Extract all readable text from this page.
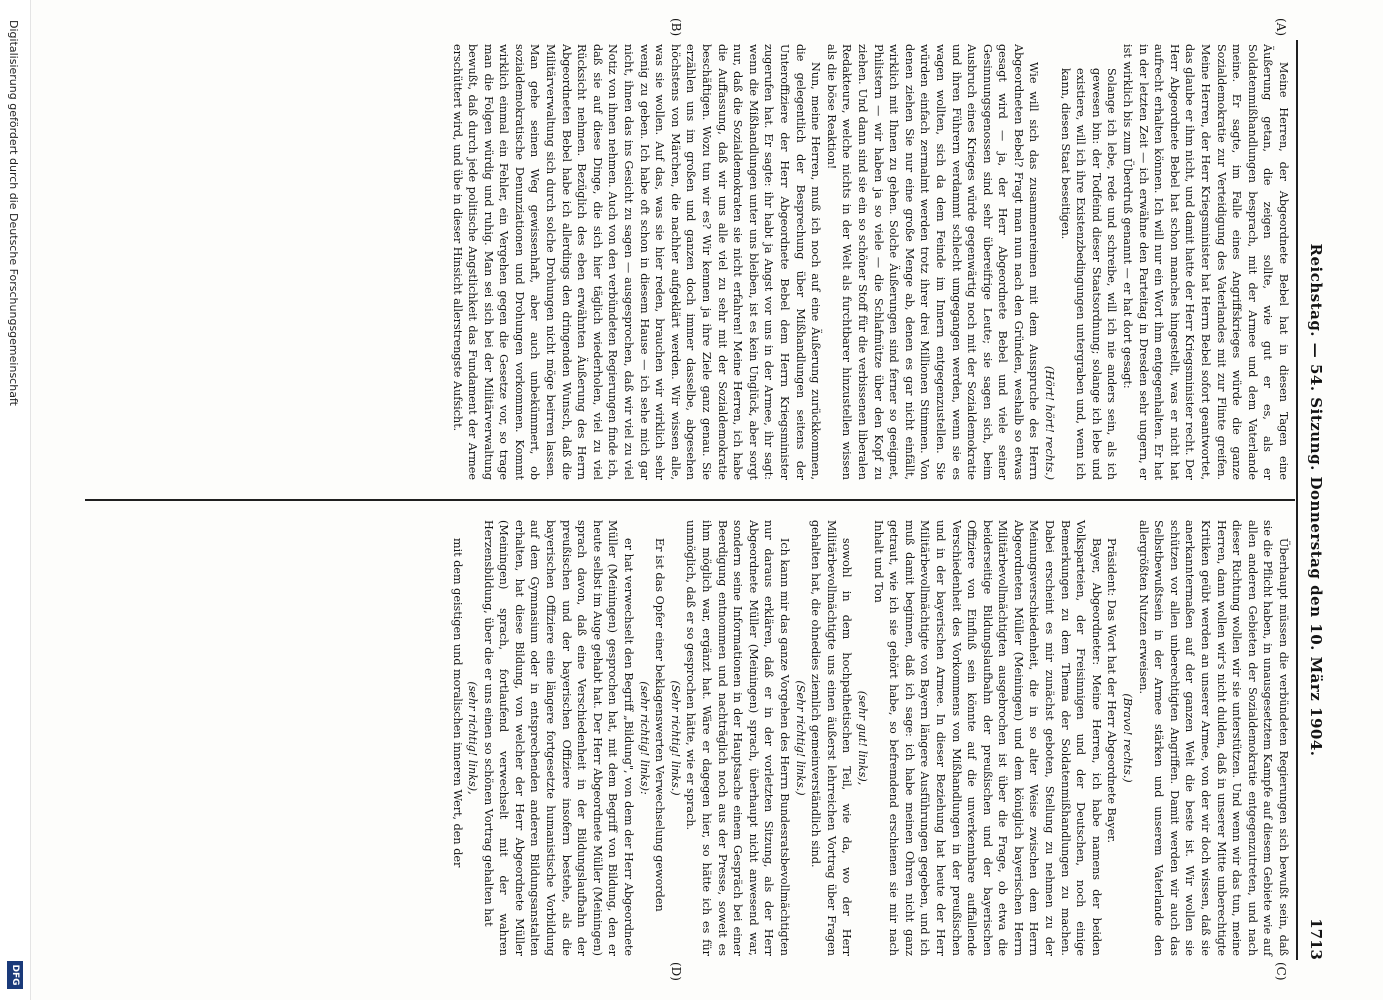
Reichstag. — 54. Sitzung. Donnerstag den 10. März 1904.
1713
(A)
(B)
(C)
(D)

Meine Herren, der Abgeordnete Bebel hat in diesen Tagen eine Äußerung getan, die zeigen sollte, wie gut er es, als er Soldatenmißhandlungen besprach, mit der Armee und dem Vaterlande meine. Er sagte, im Falle eines Angriffskrieges würde die ganze Sozialdemokratie zur Verteidigung des Vaterlandes mit zur Flinte greifen. Meine Herren, der Herr Kriegsminister hat Herrn Bebel sofort geantwortet, das glaube er ihm nicht, und damit hatte der Herr Kriegsminister recht. Der Herr Abgeordnete Bebel hat schon manches hingestellt, was er nicht hat aufrecht erhalten können. Ich will nur ein Wort ihm entgegenhalten. Er hat in der letzten Zeit — ich erwähne den Parteitag in Dresden sehr ungern, er ist wirklich bis zum Überdruß genannt — er hat dort gesagt:

Solange ich lebe, rede und schreibe, will ich nie anders sein, als ich gewesen bin: der Todfeind dieser Staatsordnung; solange ich lebe und existiere, will ich ihre Existenzbedingungen untergraben und, wenn ich kann, diesen Staat beseitigen.

(Hört! hört! rechts.)

Wie will sich das zusammenreimen mit dem Ausspruche des Herrn Abgeordneten Bebel? Fragt man nun nach den Gründen, weshalb so etwas gesagt wird — ja, der Herr Abgeordnete Bebel und viele seiner Gesinnungsgenossen sind sehr übereifrige Leute; sie sagen sich, beim Ausbruch eines Krieges würde gegenwärtig noch mit der Sozialdemokratie und ihren Führern verdammt schlecht umgegangen werden, wenn sie es wagen wollten, sich da dem Feinde im Innern entgegenzustellen. Sie würden einfach zermalmt werden trotz ihrer drei Millionen Stimmen. Von denen ziehen Sie nur eine große Menge ab, denen es gar nicht einfällt, wirklich mit Ihnen zu gehen. Solche Äußerungen sind ferner so geeignet, Philistern — wir haben ja so viele — die Schlafmütze über den Kopf zu ziehen. Und dann sind sie ein so schöner Stoff für die verbissenen liberalen Redakteure, welche nichts in der Welt als furchtbarer hinzustellen wissen als die böse Reaktion!

Nun, meine Herren, muß ich noch auf eine Äußerung zurückkommen, die gelegentlich der Besprechung über Mißhandlungen seitens der Unteroffiziere der Herr Abgeordnete Bebel dem Herrn Kriegsminister zugerufen hat. Er sagte: ihr habt ja Angst vor uns in der Armee, ihr sagt: wenn die Mißhandlungen unter uns bleiben, ist es kein Unglück, aber sorgt nur, daß die Sozialdemokraten sie nicht erfahren! Meine Herren, ich habe die Auffassung, daß wir uns alle viel zu sehr mit der Sozialdemokratie beschäftigen. Wozu tun wir es? Wir kennen ja ihre Ziele ganz genau. Sie erzählen uns im großen und ganzen doch immer dasselbe, abgesehen höchstens von Märchen, die nachher aufgeklärt werden. Wir wissen alle, was sie wollen. Auf das, was sie hier reden, brauchen wir wirklich sehr wenig zu geben. Ich habe oft schon in diesem Hause — ich sehe mich gar nicht, ihnen das ins Gesicht zu sagen — ausgesprochen, daß wir viel zu viel Notiz von ihnen nehmen. Auch von den verbündeten Regierungen finde ich, daß sie auf diese Dinge, die sich hier täglich wiederholen, viel zu viel Rücksicht nehmen. Bezüglich des eben erwähnten Äußerung des Herrn Abgeordneten Bebel habe ich allerdings den dringenden Wunsch, daß die Militärverwaltung sich durch solche Drohungen nicht möge beirren lassen. Man gehe seinen Weg gewissenhaft, aber auch unbekümmert, ob sozialdemokratische Denunziationen und Drohungen vorkommen. Kommt wirklich einmal ein Fehler, ein Vergehen gegen die Gesetze vor, so trage man die Folgen würdig und ruhig. Man sei sich bei der Militärverwaltung bewußt, daß durch jede politische Angstlichkeit das Fundament der Armee erschüttert wird, und übe in dieser Hinsicht allerstrengste Aufsicht.

Überhaupt müssen die verbündeten Regierungen sich bewußt sein, daß sie die Pflicht haben, in unausgesetztem Kampfe auf diesem Gebiete wie auf allen anderen Gebieten der Sozialdemokratie entgegenzutreten, und nach dieser Richtung wollen wir sie unterstützen. Und wenn wir das tun, meine Herren, dann wollen wir's nicht dulden, daß in unserer Mitte unberechtigte Kritiken geübt werden an unserer Armee, von der wir doch wissen, daß sie anerkanntermaßen auf der ganzen Welt die beste ist. Wir wollen sie schützen vor allen unberechtigten Angriffen. Damit werden wir auch das Selbstbewußtsein in der Armee stärken und unserem Vaterlande den allergrößten Nutzen erweisen.

(Bravo! rechts.)

Präsident: Das Wort hat der Herr Abgeordnete Bayer.

Bayer, Abgeordneter: Meine Herren, ich habe namens der beiden Volksparteien, der Freisinnigen und der Deutschen, noch einige Bemerkungen zu dem Thema der Soldatenmißhandlungen zu machen. Dabei erscheint es mir zunächst geboten, Stellung zu nehmen zu der Meinungsverschiedenheit, die in so alter Weise zwischen dem Herrn Abgeordneten Müller (Meiningen) und dem königlich bayerischen Herrn Militärbevollmächtigten ausgebrochen ist über die Frage, ob etwa die beiderseitige Bildungslaufbahn der preußischen und der bayerischen Offiziere von Einfluß sein könnte auf die unverkennbare auffallende Verschiedenheit des Vorkommens von Mißhandlungen in der preußischen und in der bayerischen Armee. In dieser Beziehung hat heute der Herr Militärbevollmächtigte von Bayern längere Ausführungen gegeben, und ich muß damit beginnen, daß ich sage: ich habe meinen Ohren nicht ganz getraut, wie ich sie gehört habe, so befremdend erschienen sie mir nach Inhalt und Ton

(sehr gut! links),

sowohl in dem hochpathetischen Teil, wie da, wo der Herr Militärbevollmächtigte uns einen äußerst lehrreichen Vortrag über Fragen gehalten hat, die ohnedies ziemlich gemeinverständlich sind.

(Sehr richtig! links.)

Ich kann mir das ganze Vorgehen des Herrn Bundesratsbevollmächtigten nur daraus erklären, daß er in der vorletzten Sitzung, als der Herr Abgeordnete Müller (Meiningen) sprach, überhaupt nicht anwesend war, sondern seine Informationen in der Hauptsache einem Gespräch bei einer Beerdigung entnommen und nachträglich noch aus der Presse, soweit es ihm möglich war, ergänzt hat. Wäre er dagegen hier, so hätte ich es für unmöglich, daß er so gesprochen hätte, wie er sprach.

(Sehr richtig! links.)

Er ist das Opfer einer beklagenswerten Verwechselung geworden

(sehr richtig! links):

er hat verwechselt den Begriff „Bildung", von dem der Herr Abgeordnete Müller (Meiningen) gesprochen hat, mit dem Begriff von Bildung, den er heute selbst im Auge gehabt hat. Der Herr Abgeordnete Müller (Meiningen) sprach davon, daß eine Verschiedenheit in der Bildungslaufbahn der preußischen und der bayerischen Offiziere insofern bestehe, als die bayerischen Offiziere eine längere fortgesetzte humanistische Vorbildung auf dem Gymnasium oder in entsprechenden anderen Bildungsanstalten erhalten, hat diese Bildung, von welcher der Herr Abgeordnete Müller (Meiningen) sprach, fortlaufend verwechselt mit der wahren Herzensbildung, über die er uns einen so schönen Vortrag gehalten hat

(sehr richtig! links),

mit dem geistigen und moralischen inneren Wert, den der

Digitalisierung gefördert durch die Deutsche Forschungsgemeinschaft
DFG
